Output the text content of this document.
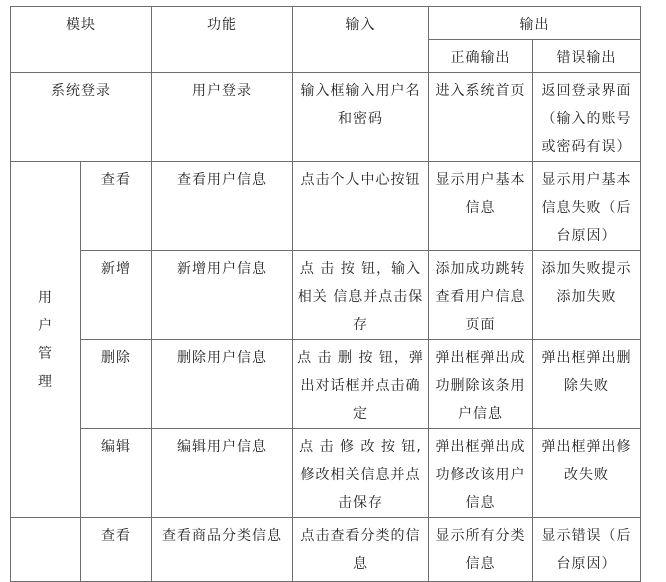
模块		功能	输入	输出	
				正确输出	错误输出
系统登录		用户登录	输入框输入用户名和密码	进入系统首页	返回登录界面（输入的账号或密码有误）
用户管理	查看	查看用户信息	点击个人中心按钮	显示用户基本信息	显示用户基本信息失败（后台原因）
	新增	新增用户信息	点 击 按 钮，输入相关 信息并点击保存	添加成功跳转查看用户信息页面	添加失败提示添加失败
	删除	删除用户信息	点 击 删 按 钮，弹出对话框并点击确定	弹出框弹出成功删除该条用户信息	弹出框弹出删除失败
	编辑	编辑用户信息	点 击 修 改 按 钮,修改相关信息并点击保存	弹出框弹出成功修改该用户信息	弹出框弹出修改失败
	查看	查看商品分类信息	点击查看分类的信息	显示所有分类信息	显示错误（后台原因）
